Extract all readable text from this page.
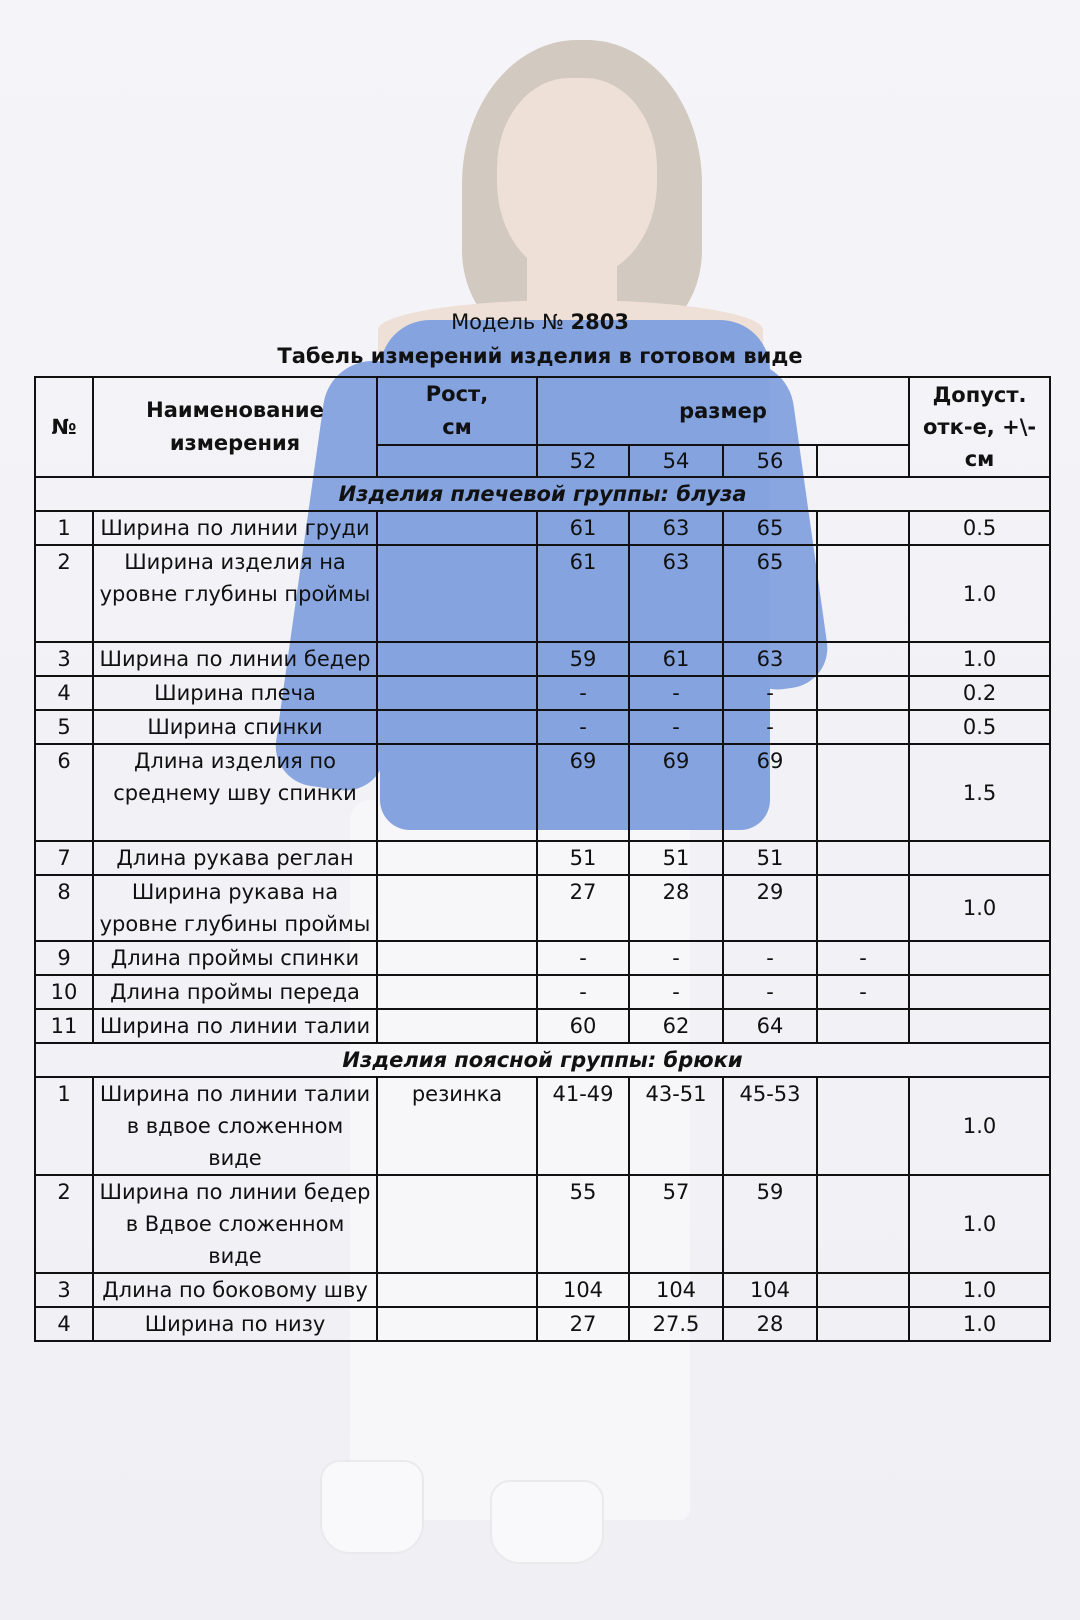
Модель № 2803
Табель измерений изделия в готовом виде
№	Наименование измерения	Рост, см	размер				Допуст. отк-е, +\-см
			52	54	56		
Изделия плечевой группы: блуза							
1	Ширина по линии груди		61	63	65		0.5
2	Ширина изделия на уровне глубины проймы		61	63	65		1.0
3	Ширина по линии бедер		59	61	63		1.0
4	Ширина плеча		-	-	-		0.2
5	Ширина спинки		-	-	-		0.5
6	Длина изделия по среднему шву спинки		69	69	69		1.5
7	Длина рукава реглан		51	51	51		
8	Ширина рукава на уровне глубины проймы		27	28	29		1.0
9	Длина проймы спинки		-	-	-	-	
10	Длина проймы переда		-	-	-	-	
11	Ширина по линии талии		60	62	64		
Изделия поясной группы: брюки							
1	Ширина по линии талии в вдвое сложенном виде	резинка	41-49	43-51	45-53		1.0
2	Ширина по линии бедер в Вдвое сложенном виде		55	57	59		1.0
3	Длина по боковому шву		104	104	104		1.0
4	Ширина по низу		27	27.5	28		1.0
